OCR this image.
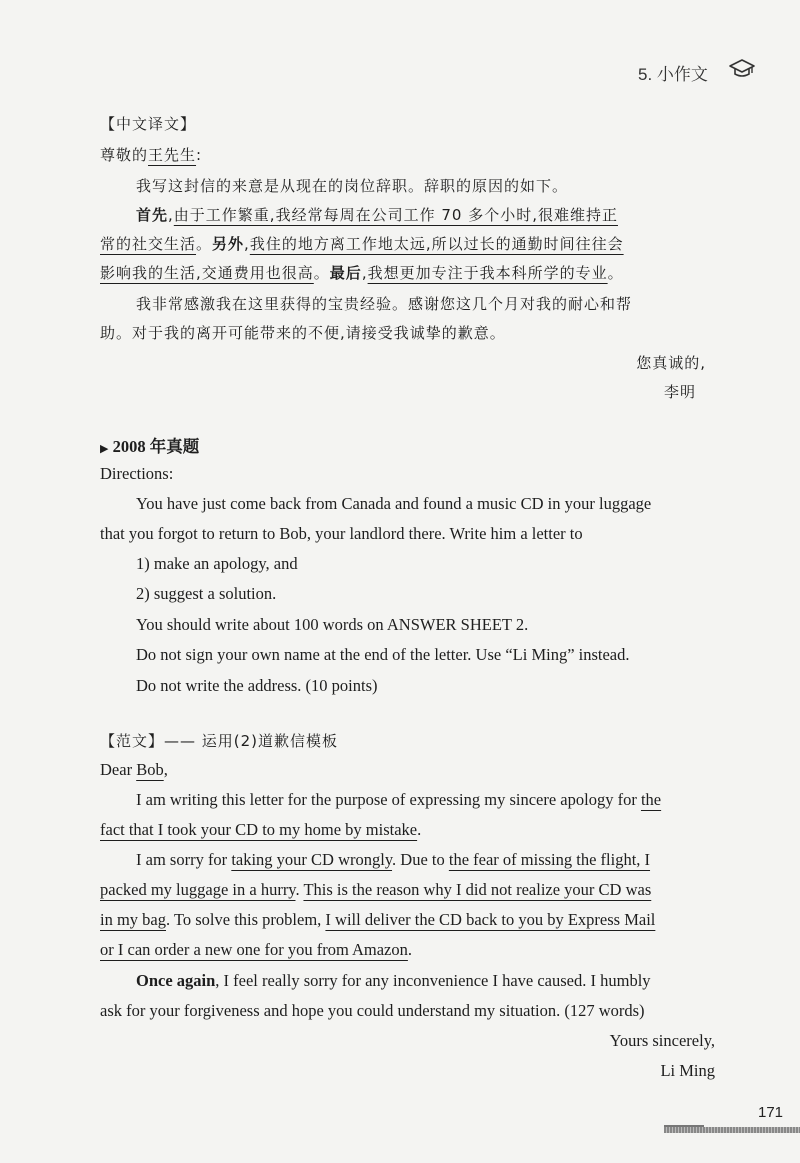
5. 小作文
【中文译文】
尊敬的王先生:
我写这封信的来意是从现在的岗位辞职。辞职的原因的如下。
首先,由于工作繁重,我经常每周在公司工作 70 多个小时,很难维持正
常的社交生活。另外,我住的地方离工作地太远,所以过长的通勤时间往往会
影响我的生活,交通费用也很高。最后,我想更加专注于我本科所学的专业。
我非常感激我在这里获得的宝贵经验。感谢您这几个月对我的耐心和帮
助。对于我的离开可能带来的不便,请接受我诚挚的歉意。
您真诚的,
李明
▶ 2008 年真题
Directions:
You have just come back from Canada and found a music CD in your luggage
that you forgot to return to Bob, your landlord there. Write him a letter to
1) make an apology, and
2) suggest a solution.
You should write about 100 words on ANSWER SHEET 2.
Do not sign your own name at the end of the letter. Use “Li Ming” instead.
Do not write the address. (10 points)
【范文】—— 运用(2)道歉信模板
Dear Bob,
I am writing this letter for the purpose of expressing my sincere apology for the
fact that I took your CD to my home by mistake.
I am sorry for taking your CD wrongly. Due to the fear of missing the flight, I
packed my luggage in a hurry. This is the reason why I did not realize your CD was
in my bag. To solve this problem, I will deliver the CD back to you by Express Mail
or I can order a new one for you from Amazon.
Once again, I feel really sorry for any inconvenience I have caused. I humbly
ask for your forgiveness and hope you could understand my situation. (127 words)
Yours sincerely,
Li Ming
171
